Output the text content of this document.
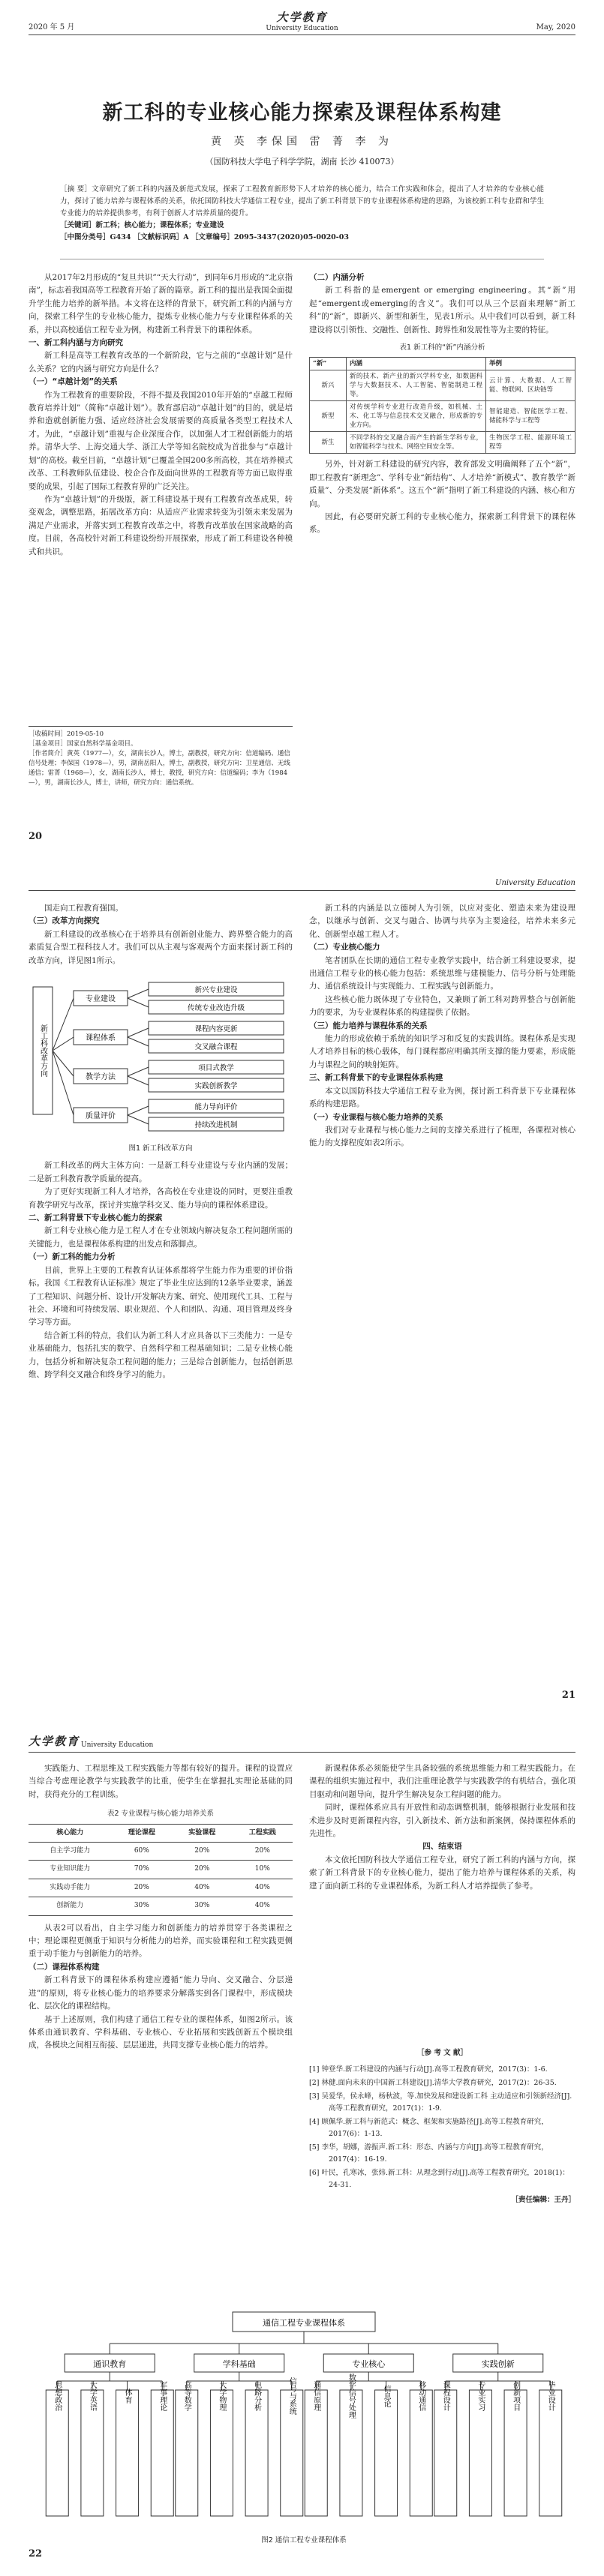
2020 年 5 月
大学教育
University Education	May, 2020
新工科的专业核心能力探索及课程体系构建
黄 英 李保国 雷 菁 李 为
（国防科技大学电子科学学院，湖南 长沙 410073）
［摘 要］文章研究了新工科的内涵及新范式发展，探索了工程教育新形势下人才培养的核心能力，结合工作实践和体会，提出了人才培养的专业核心能力，探讨了能力培养与课程体系的关系，依托国防科技大学通信工程专业，提出了新工科背景下的专业课程体系构建的思路，为该校新工科专业群和学生专业能力的培养提供参考，有利于创新人才培养质量的提升。
［关键词］新工科；核心能力；课程体系；专业建设
［中图分类号］G434 ［文献标识码］A ［文章编号］2095-3437(2020)05-0020-03

从2017年2月形成的“复旦共识”“天大行动”，到同年6月形成的“北京指南”，标志着我国高等工程教育开始了新的篇章。新工科的提出是我国全面提升学生能力培养的新举措。本文将在这样的背景下，研究新工科的内涵与方向，探索工科学生的专业核心能力，提炼专业核心能力与专业课程体系的关系，并以高校通信工程专业为例，构建新工科背景下的课程体系。

一、新工科内涵与方向研究

新工科是高等工程教育改革的一个新阶段，它与之前的“卓越计划”是什么关系？它的内涵与研究方向是什么？

（一）“卓越计划”的关系

作为工程教育的重要阶段，不得不提及我国2010年开始的“卓越工程师教育培养计划”（简称“卓越计划”）。教育部启动“卓越计划”的目的，就是培养和造就创新能力强、适应经济社会发展需要的高质量各类型工程技术人才。为此，“卓越计划”重视与企业深度合作，以加强人才工程创新能力的培养。清华大学、上海交通大学、浙江大学等知名院校成为首批参与“卓越计划”的高校。截至目前，“卓越计划”已覆盖全国200多所高校，其在培养模式改革、工科教师队伍建设、校企合作及面向世界的工程教育等方面已取得重要的成果，引起了国际工程教育界的广泛关注。

作为“卓越计划”的升级版，新工科建设基于现有工程教育改革成果，转变观念，调整思路，拓展改革方向：从适应产业需求转变为引领未来发展为满足产业需求，并落实到工程教育改革之中，将教育改革放在国家战略的高度。目前，各高校针对新工科建设纷纷开展探索，形成了新工科建设各种模式和共识。

［收稿时间］2019-05-10

［基金项目］国家自然科学基金项目。

［作者简介］黄英（1977—），女，湖南长沙人，博士，副教授，研究方向：信道编码、通信信号处理；李保国（1978—），男，湖南岳阳人，博士，副教授，研究方向：卫星通信、无线通信；雷菁（1968—），女，湖南长沙人，博士，教授，研究方向：信道编码；李为（1984—），男，湖南长沙人，博士，讲师，研究方向：通信系统。

（二）内涵分析

新工科指的是emergent or emerging engineering。其“新”用起“emergent或emerging的含义”。我们可以从三个层面来理解“新工科”的“新”，即新兴、新型和新生，见表1所示。从中我们可以看到，新工科建设将以引领性、交融性、创新性、跨界性和发展性等为主要的特征。

表1 新工科的“新”内涵分析
“新”	内涵	举例
新兴	新的技术、新产业的新兴学科专业，如数据科学与大数据技术、人工智能、智能制造工程等。	云计算、大数据、人工智能、物联网、区块链等
新型	对传统学科专业进行改造升级，如机械、土木、化工等与信息技术交叉融合，形成新的专业方向。	智能建造、智能医学工程、储能科学与工程等
新生	不同学科的交叉融合而产生的新生学科专业，如智能科学与技术、网络空间安全等。	生物医学工程、能源环境工程等

另外，针对新工科建设的研究内容，教育部发文明确阐释了五个“新”，即工程教育“新理念”、学科专业“新结构”、人才培养“新模式”、教育教学“新质量”、分类发展“新体系”。这五个“新”指明了新工科建设的内涵、核心和方向。

因此，有必要研究新工科的专业核心能力，探索新工科背景下的课程体系。

20
University Education

国走向工程教育强国。

（三）改革方向探究

新工科建设的改革核心在于培养具有创新创业能力、跨界整合能力的高素质复合型工程科技人才。我们可以从主观与客观两个方面来探讨新工科的改革方向，详见图1所示。

新工科改革方向
专业建设
新兴专业建设
传统专业改造升级
课程体系
课程内容更新
交叉融合课程
教学方法
项目式教学
实践创新教学
质量评价
能力导向评价
持续改进机制
图1 新工科改革方向

新工科改革的两大主体方向：一是新工科专业建设与专业内涵的发展；二是新工科教育教学质量的提高。

为了更好实现新工科人才培养，各高校在专业建设的同时，更要注重教育教学研究与改革，探讨并实施学科交叉、能力导向的课程体系建设。

二、新工科背景下专业核心能力的探索

新工科专业核心能力是工程人才在专业领域内解决复杂工程问题所需的关键能力，也是课程体系构建的出发点和落脚点。

（一）新工科的能力分析

目前，世界上主要的工程教育认证体系都将学生能力作为重要的评价指标。我国《工程教育认证标准》规定了毕业生应达到的12条毕业要求，涵盖了工程知识、问题分析、设计/开发解决方案、研究、使用现代工具、工程与社会、环境和可持续发展、职业规范、个人和团队、沟通、项目管理及终身学习等方面。

结合新工科的特点，我们认为新工科人才应具备以下三类能力：一是专业基础能力，包括扎实的数学、自然科学和工程基础知识；二是专业核心能力，包括分析和解决复杂工程问题的能力；三是综合创新能力，包括创新思维、跨学科交叉融合和终身学习的能力。

新工科的内涵是以立德树人为引领，以应对变化、塑造未来为建设理念，以继承与创新、交叉与融合、协调与共享为主要途径，培养未来多元化、创新型卓越工程人才。

（二）专业核心能力

笔者团队在长期的通信工程专业教学实践中，结合新工科建设要求，提出通信工程专业的核心能力包括：系统思维与建模能力、信号分析与处理能力、通信系统设计与实现能力、工程实践与创新能力。

这些核心能力既体现了专业特色，又兼顾了新工科对跨界整合与创新能力的要求，为专业课程体系的构建提供了依据。

（三）能力培养与课程体系的关系

能力的形成依赖于系统的知识学习和反复的实践训练。课程体系是实现人才培养目标的核心载体，每门课程都应明确其所支撑的能力要素，形成能力与课程之间的映射矩阵。

三、新工科背景下的专业课程体系构建

本文以国防科技大学通信工程专业为例，探讨新工科背景下专业课程体系的构建思路。

（一）专业课程与核心能力培养的关系

我们对专业课程与核心能力之间的支撑关系进行了梳理，各课程对核心能力的支撑程度如表2所示。

21
大学教育 University Education

实践能力、工程思维及工程实践能力等都有较好的提升。课程的设置应当综合考虑理论教学与实践教学的比重，使学生在掌握扎实理论基础的同时，获得充分的工程训练。

表2 专业课程与核心能力培养关系
核心能力	理论课程	实验课程	工程实践
自主学习能力	60%	20%	20%
专业知识能力	70%	20%	10%
实践动手能力	20%	40%	40%
创新能力	30%	30%	40%

从表2可以看出，自主学习能力和创新能力的培养贯穿于各类课程之中；理论课程更侧重于知识与分析能力的培养，而实验课程和工程实践更侧重于动手能力与创新能力的培养。

（二）课程体系构建

新工科背景下的课程体系构建应遵循“能力导向、交叉融合、分层递进”的原则，将专业核心能力的培养要求分解落实到各门课程中，形成模块化、层次化的课程结构。

基于上述原则，我们构建了通信工程专业的课程体系，如图2所示。该体系由通识教育、学科基础、专业核心、专业拓展和实践创新五个模块组成，各模块之间相互衔接、层层递进，共同支撑专业核心能力的培养。

通信工程专业课程体系
通识教育
思想政治	大学英语	体育	军事理论
学科基础
高等数学	大学物理	电路分析	信号与系统
专业核心
通信原理	数字信号处理	信息论	移动通信
实践创新
课程设计	专业实习	创新项目	毕业设计
图2 通信工程专业课程体系

新课程体系必须能使学生具备较强的系统思维能力和工程实践能力。在课程的组织实施过程中，我们注重理论教学与实践教学的有机结合，强化项目驱动和问题导向，提升学生解决复杂工程问题的能力。

同时，课程体系应具有开放性和动态调整机制，能够根据行业发展和技术进步及时更新课程内容，引入新技术、新方法和新案例，保持课程体系的先进性。

四、结束语

本文依托国防科技大学通信工程专业，研究了新工科的内涵与方向，探索了新工科背景下的专业核心能力，提出了能力培养与课程体系的关系，构建了面向新工科的专业课程体系，为新工科人才培养提供了参考。

［参 考 文 献］

[1] 钟登华.新工科建设的内涵与行动[J].高等工程教育研究，2017(3)：1-6.

[2] 林健.面向未来的中国新工科建设[J].清华大学教育研究，2017(2)：26-35.

[3] 吴爱华，侯永峰，杨秋波，等.加快发展和建设新工科 主动适应和引领新经济[J].高等工程教育研究，2017(1)：1-9.

[4] 顾佩华.新工科与新范式：概念、框架和实施路径[J].高等工程教育研究，2017(6)：1-13.

[5] 李华，胡娜，游振声.新工科：形态、内涵与方向[J].高等工程教育研究，2017(4)：16-19.

[6] 叶民，孔寒冰，张炜.新工科：从理念到行动[J].高等工程教育研究，2018(1)：24-31.

［责任编辑：王丹］
22
